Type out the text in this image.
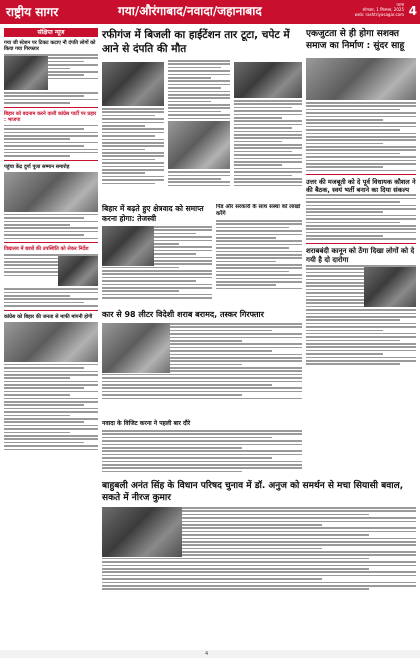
राष्ट्रीय सागर	गया/औरंगाबाद/नवादा/जहानाबाद	पटना
सोमवार, 1 सितम्बर, 2025
web: rashtriyasagar.com 4
संक्षिप्त न्यूज
गया जी स्टेशन पर टिकट कटाए नौ दंपति लोगों को किया गया गिरफ्तार
बिहार को बदनाम करने वाली कांग्रेस पार्टी पर प्रहार : भाजपा
पहुंचा केंद्र दुर्गा पूजा सम्मान समारोह
विद्यालय में छात्रों की उपस्थिति को लेकर निर्देश
कांग्रेस को बिहार की जनता से माफी मांगनी होगी
रफीगंज में बिजली का हाईटेंशन तार टूटा, चपेट में आने से दंपति की मौत
बिहार में बढ़ते हुए क्षेत्रवाद को समाप्त करना होगा: तेजस्वी
पिंड और सरकारी के साथ संस्था को लाखों करेंगे
कार से 98 लीटर विदेशी शराब बरामद, तस्कर गिरफ्तार
नवादा के विजिट करना ने पहली बार दौरे
बाहुबली अनंत सिंह के विधान परिषद चुनाव में डॉ. अनुज को समर्थन से मचा सियासी बवाल, सकते में नीरज कुमार
एकजुटता से ही होगा सशक्त समाज का निर्माण : सुंदर साहू
उत्तर की मजबूती को दे पूर्व विधायक कौशल ने की बैठक, स्वयं भर्ती बनाने का दिया संकल्प
शराबबंदी कानून को ठेंगा दिखा लोगों को दे गयी है दो दारोगा
4
